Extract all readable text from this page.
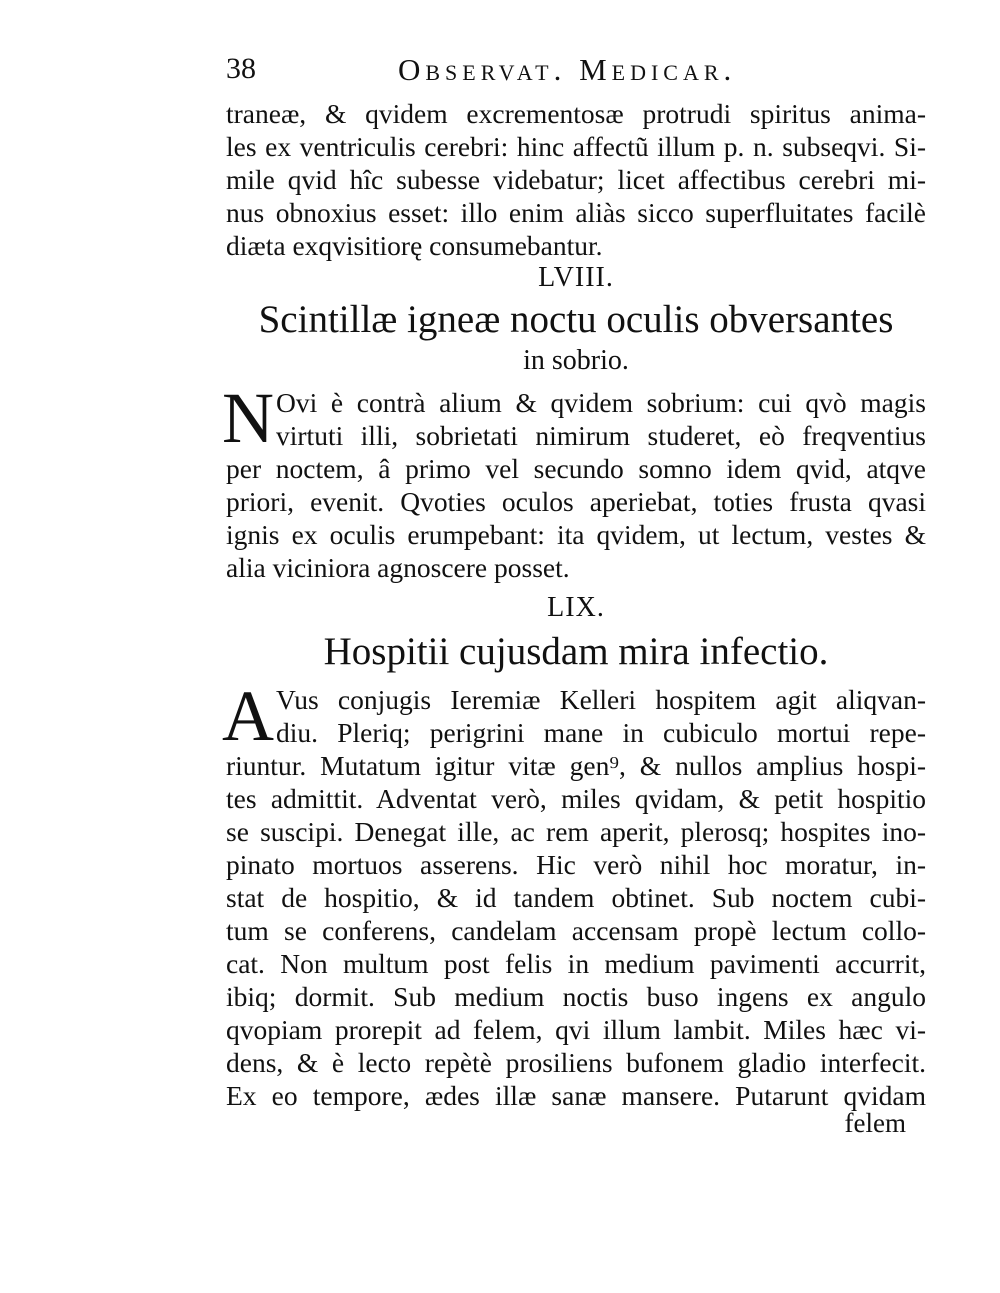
38	Observat. Medicar.
traneæ, & qvidem excrementosæ protrudi spiritus anima-
les ex ventriculis cerebri: hinc affectũ illum p. n. subseqvi. Si-
mile qvid hîc subesse videbatur; licet affectibus cerebri mi-
nus obnoxius esset: illo enim aliàs sicco superfluitates facilè
diæta exqvisitiorę consumebantur.
LVIII.
Scintillæ igneæ noctu oculis obversantes
in sobrio.
N Ovi è contrà alium & qvidem sobrium: cui qvò magis
virtuti illi, sobrietati nimirum studeret, eò freqventius
per noctem, â primo vel secundo somno idem qvid, atqve
priori, evenit. Qvoties oculos aperiebat, toties frusta qvasi
ignis ex oculis erumpebant: ita qvidem, ut lectum, vestes &
alia viciniora agnoscere posset.
LIX.
Hospitii cujusdam mira infectio.
A Vus conjugis Ieremiæ Kelleri hospitem agit aliqvan-
diu. Pleriq; perigrini mane in cubiculo mortui repe-
riuntur. Mutatum igitur vitæ gen⁹, & nullos amplius hospi-
tes admittit. Adventat verò, miles qvidam, & petit hospitio
se suscipi. Denegat ille, ac rem aperit, plerosq; hospites ino-
pinato mortuos asserens. Hic verò nihil hoc moratur, in-
stat de hospitio, & id tandem obtinet. Sub noctem cubi-
tum se conferens, candelam accensam propè lectum collo-
cat. Non multum post felis in medium pavimenti accurrit,
ibiq; dormit. Sub medium noctis buso ingens ex angulo
qvopiam prorepit ad felem, qvi illum lambit. Miles hæc vi-
dens, & è lecto repètè prosiliens bufonem gladio interfecit.
Ex eo tempore, ædes illæ sanæ mansere. Putarunt qvidam
felem
